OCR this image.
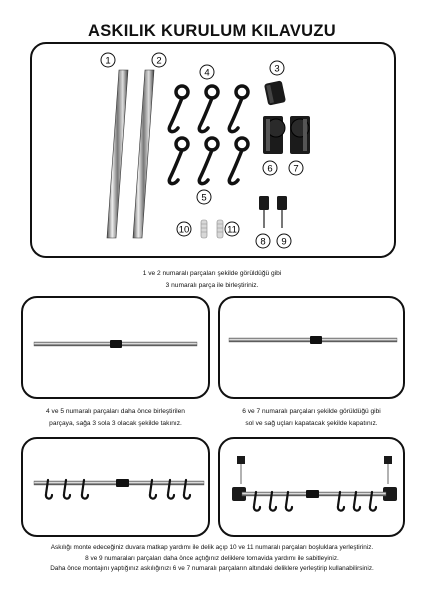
ASKILIK KURULUM KILAVUZU
1	2
4	3
6 7
5
10	11
8 9
1 ve 2 numaralı parçaları şekilde görüldüğü gibi
3 numaralı parça ile birleştiriniz.
4 ve 5 numaralı parçaları daha önce birleştirilen
parçaya, sağa 3 sola 3 olacak şekilde takınız.
6 ve 7 numaralı parçaları şekilde görüldüğü gibi
sol ve sağ uçları kapatacak şekilde kapatınız.
Askılığı monte edeceğiniz duvara matkap yardımı ile delik açıp 10 ve 11 numaralı parçaları boşluklara yerleştiriniz.
8 ve 9 numaraları parçaları daha önce açtığınız deliklere tornavida yardımı ile sabitleyiniz.
Daha önce montajını yaptığınız askılığınızı 6 ve 7 numaralı parçaların altındaki deliklere yerleştirip kullanabilirsiniz.
